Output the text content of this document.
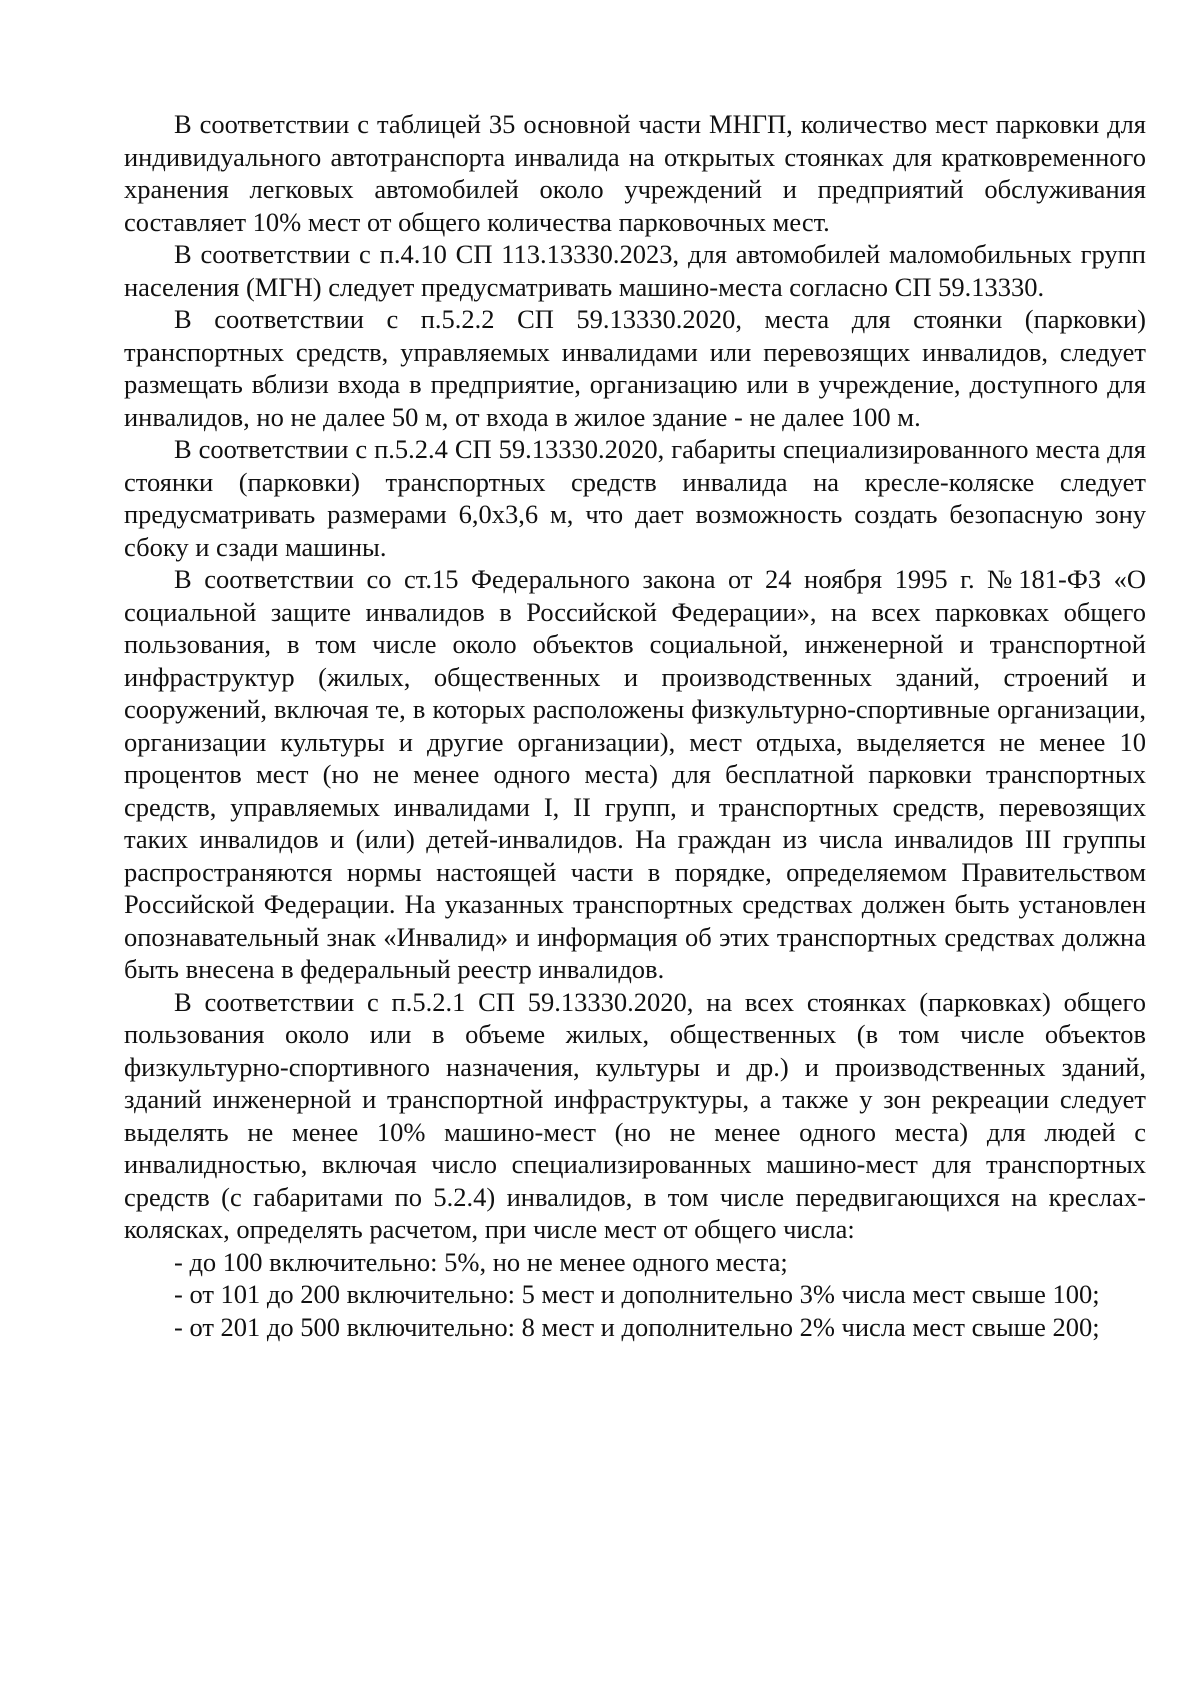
В соответствии с таблицей 35 основной части МНГП, количество мест парковки для индивидуального автотранспорта инвалида на открытых стоянках для кратковременного хранения легковых автомобилей около учреждений и предприятий обслуживания составляет 10% мест от общего количества парковочных мест.

В соответствии с п.4.10 СП 113.13330.2023, для автомобилей маломобильных групп населения (МГН) следует предусматривать машино-места согласно СП 59.13330.

В соответствии с п.5.2.2 СП 59.13330.2020, места для стоянки (парковки) транспортных средств, управляемых инвалидами или перевозящих инвалидов, следует размещать вблизи входа в предприятие, организацию или в учреждение, доступного для инвалидов, но не далее 50 м, от входа в жилое здание - не далее 100 м.

В соответствии с п.5.2.4 СП 59.13330.2020, габариты специализированного места для стоянки (парковки) транспортных средств инвалида на кресле-коляске следует предусматривать размерами 6,0х3,6 м, что дает возможность создать безопасную зону сбоку и сзади машины.

В соответствии со ст.15 Федерального закона от 24 ноября 1995 г. №181-ФЗ «О социальной защите инвалидов в Российской Федерации», на всех парковках общего пользования, в том числе около объектов социальной, инженерной и транспортной инфраструктур (жилых, общественных и производственных зданий, строений и сооружений, включая те, в которых расположены физкультурно-спортивные организации, организации культуры и другие организации), мест отдыха, выделяется не менее 10 процентов мест (но не менее одного места) для бесплатной парковки транспортных средств, управляемых инвалидами I, II групп, и транспортных средств, перевозящих таких инвалидов и (или) детей-инвалидов. На граждан из числа инвалидов III группы распространяются нормы настоящей части в порядке, определяемом Правительством Российской Федерации. На указанных транспортных средствах должен быть установлен опознавательный знак «Инвалид» и информация об этих транспортных средствах должна быть внесена в федеральный реестр инвалидов.

В соответствии с п.5.2.1 СП 59.13330.2020, на всех стоянках (парковках) общего пользования около или в объеме жилых, общественных (в том числе объектов физкультурно-спортивного назначения, культуры и др.) и производственных зданий, зданий инженерной и транспортной инфраструктуры, а также у зон рекреации следует выделять не менее 10% машино-мест (но не менее одного места) для людей с инвалидностью, включая число специализированных машино-мест для транспортных средств (с габаритами по 5.2.4) инвалидов, в том числе передвигающихся на креслах-колясках, определять расчетом, при числе мест от общего числа:

- до 100 включительно: 5%, но не менее одного места;

- от 101 до 200 включительно: 5 мест и дополнительно 3% числа мест свыше 100;

- от 201 до 500 включительно: 8 мест и дополнительно 2% числа мест свыше 200;
